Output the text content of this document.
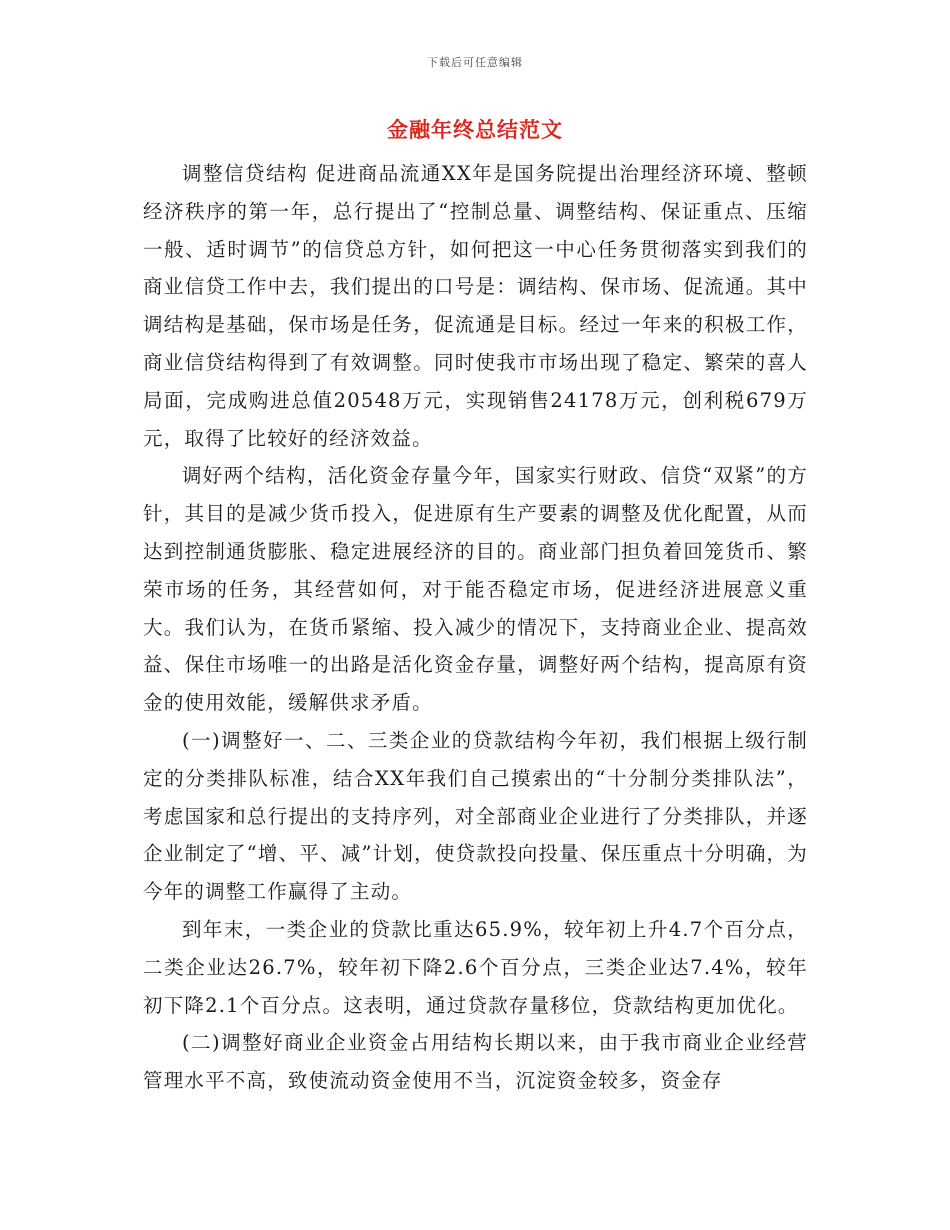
下载后可任意编辑
金融年终总结范文

调整信贷结构 促进商品流通XX年是国务院提出治理经济环境、整顿经济秩序的第一年，总行提出了“控制总量、调整结构、保证重点、压缩一般、适时调节”的信贷总方针，如何把这一中心任务贯彻落实到我们的商业信贷工作中去，我们提出的口号是：调结构、保市场、促流通。其中调结构是基础，保市场是任务，促流通是目标。经过一年来的积极工作，商业信贷结构得到了有效调整。同时使我市市场出现了稳定、繁荣的喜人局面，完成购进总值20548万元，实现销售24178万元，创利税679万元，取得了比较好的经济效益。

调好两个结构，活化资金存量今年，国家实行财政、信贷“双紧”的方针，其目的是减少货币投入，促进原有生产要素的调整及优化配置，从而达到控制通货膨胀、稳定进展经济的目的。商业部门担负着回笼货币、繁荣市场的任务，其经营如何，对于能否稳定市场，促进经济进展意义重大。我们认为，在货币紧缩、投入减少的情况下，支持商业企业、提高效益、保住市场唯一的出路是活化资金存量，调整好两个结构，提高原有资金的使用效能，缓解供求矛盾。

(一)调整好一、二、三类企业的贷款结构今年初，我们根据上级行制定的分类排队标准，结合XX年我们自己摸索出的“十分制分类排队法”，考虑国家和总行提出的支持序列，对全部商业企业进行了分类排队，并逐企业制定了“增、平、减”计划，使贷款投向投量、保压重点十分明确，为今年的调整工作赢得了主动。

到年末，一类企业的贷款比重达65.9%，较年初上升4.7个百分点，二类企业达26.7%，较年初下降2.6个百分点，三类企业达7.4%，较年初下降2.1个百分点。这表明，通过贷款存量移位，贷款结构更加优化。

(二)调整好商业企业资金占用结构长期以来，由于我市商业企业经营管理水平不高，致使流动资金使用不当，沉淀资金较多，资金存
